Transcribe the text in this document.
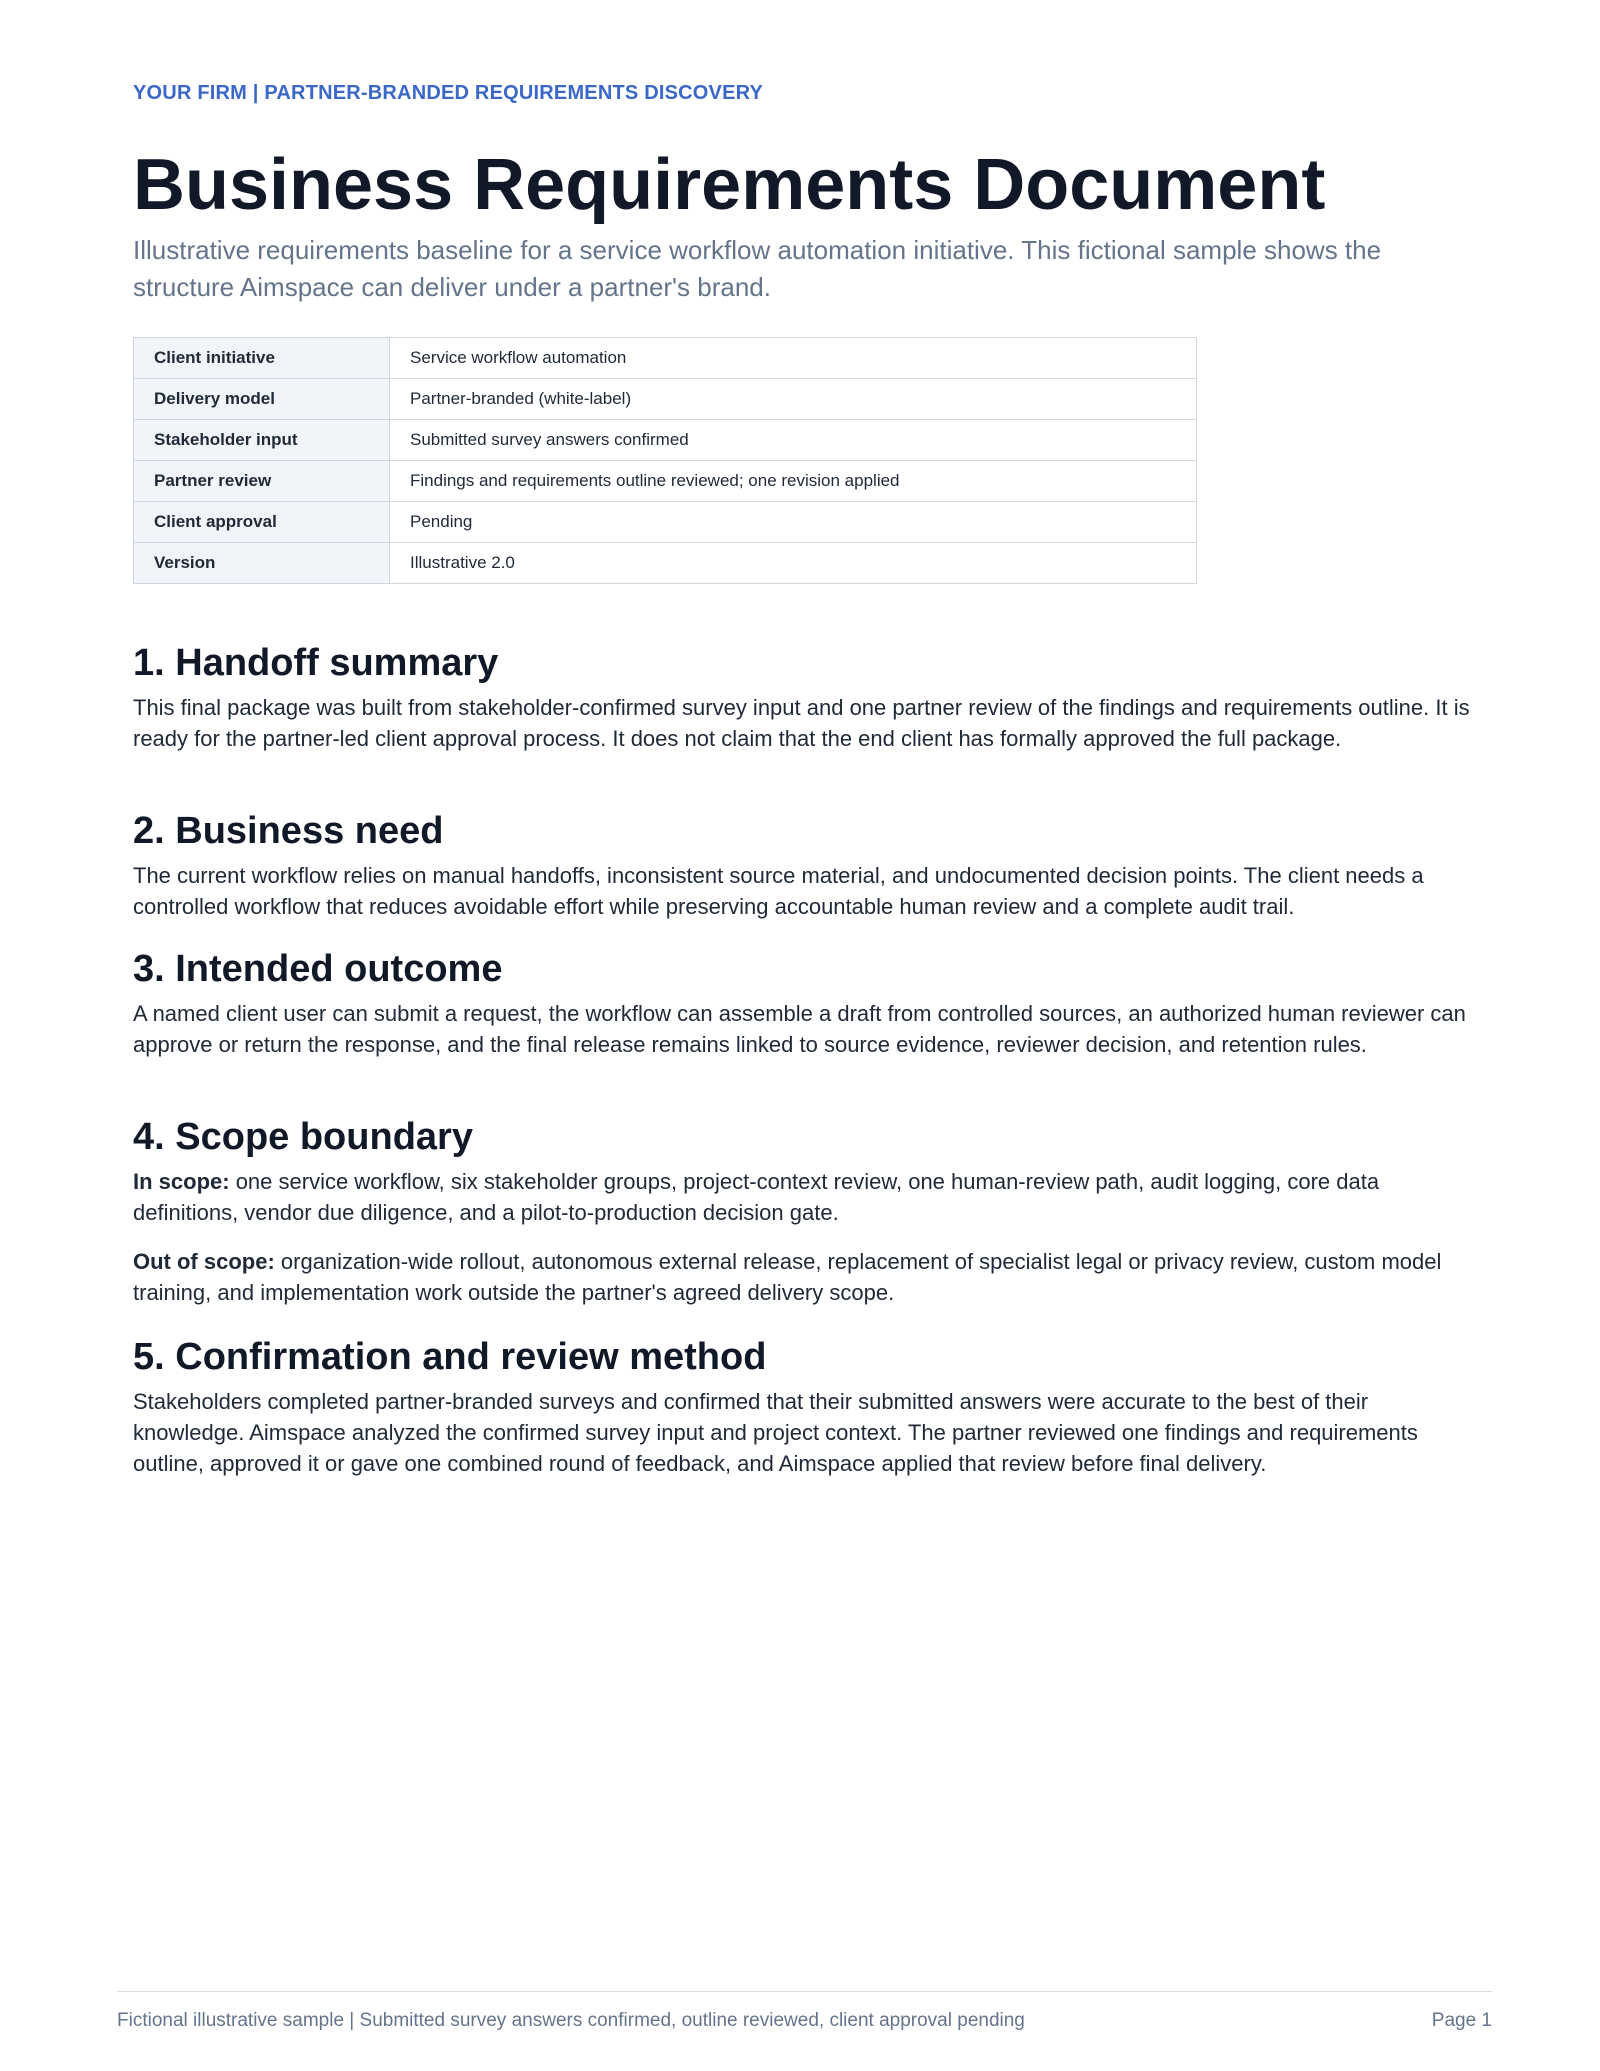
YOUR FIRM | PARTNER-BRANDED REQUIREMENTS DISCOVERY
Business Requirements Document

Illustrative requirements baseline for a service workflow automation initiative. This fictional sample shows the structure Aimspace can deliver under a partner's brand.

Client initiative	Service workflow automation
Delivery model	Partner-branded (white-label)
Stakeholder input	Submitted survey answers confirmed
Partner review	Findings and requirements outline reviewed; one revision applied
Client approval	Pending
Version	Illustrative 2.0
1. Handoff summary

This final package was built from stakeholder-confirmed survey input and one partner review of the findings and requirements outline. It is ready for the partner-led client approval process. It does not claim that the end client has formally approved the full package.

2. Business need

The current workflow relies on manual handoffs, inconsistent source material, and undocumented decision points. The client needs a controlled workflow that reduces avoidable effort while preserving accountable human review and a complete audit trail.

3. Intended outcome

A named client user can submit a request, the workflow can assemble a draft from controlled sources, an authorized human reviewer can approve or return the response, and the final release remains linked to source evidence, reviewer decision, and retention rules.

4. Scope boundary

In scope: one service workflow, six stakeholder groups, project-context review, one human-review path, audit logging, core data definitions, vendor due diligence, and a pilot-to-production decision gate.

Out of scope: organization-wide rollout, autonomous external release, replacement of specialist legal or privacy review, custom model training, and implementation work outside the partner's agreed delivery scope.

5. Confirmation and review method

Stakeholders completed partner-branded surveys and confirmed that their submitted answers were accurate to the best of their knowledge. Aimspace analyzed the confirmed survey input and project context. The partner reviewed one findings and requirements outline, approved it or gave one combined round of feedback, and Aimspace applied that review before final delivery.

Fictional illustrative sample | Submitted survey answers confirmed, outline reviewed, client approval pending	Page 1
